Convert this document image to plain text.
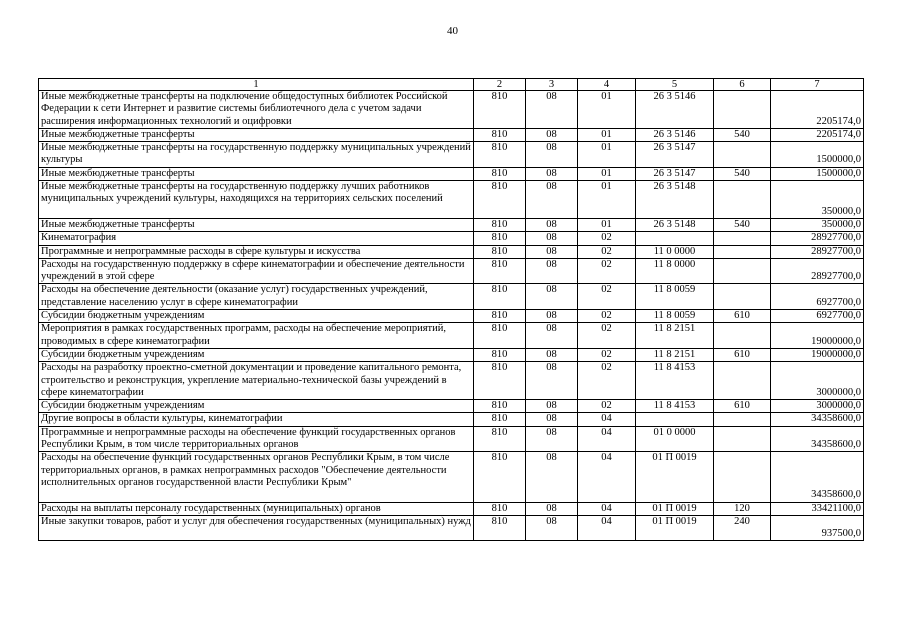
40
1	2	3	4	5	6	7
Иные межбюджетные трансферты на подключение общедоступных библиотек Российской Федерации к сети Интернет и развитие системы библиотечного дела с учетом задачи расширения информационных технологий и оцифровки	810	08	01	26 3 5146		2205174,0
Иные межбюджетные трансферты	810	08	01	26 3 5146	540	2205174,0
Иные межбюджетные трансферты на государственную поддержку муниципальных учреждений культуры	810	08	01	26 3 5147		1500000,0
Иные межбюджетные трансферты	810	08	01	26 3 5147	540	1500000,0
Иные межбюджетные трансферты на государственную поддержку лучших работников муниципальных учреждений культуры, находящихся на территориях сельских поселений	810	08	01	26 3 5148		350000,0
Иные межбюджетные трансферты	810	08	01	26 3 5148	540	350000,0
Кинематография	810	08	02			28927700,0
Программные и непрограммные расходы в сфере культуры и искусства	810	08	02	11 0 0000		28927700,0
Расходы на государственную поддержку в сфере кинематографии и обеспечение деятельности учреждений в этой сфере	810	08	02	11 8 0000		28927700,0
Расходы на обеспечение деятельности (оказание услуг) государственных учреждений, представление населению услуг в сфере кинематографии	810	08	02	11 8 0059		6927700,0
Субсидии бюджетным учреждениям	810	08	02	11 8 0059	610	6927700,0
Мероприятия в рамках государственных программ, расходы на обеспечение мероприятий, проводимых в сфере кинематографии	810	08	02	11 8 2151		19000000,0
Субсидии бюджетным учреждениям	810	08	02	11 8 2151	610	19000000,0
Расходы на разработку проектно-сметной документации и проведение капитального ремонта, строительство и реконструкция, укрепление материально-технической базы учреждений в сфере кинематографии	810	08	02	11 8 4153		3000000,0
Субсидии бюджетным учреждениям	810	08	02	11 8 4153	610	3000000,0
Другие вопросы в области культуры, кинематографии	810	08	04			34358600,0
Программные и непрограммные расходы на обеспечение функций государственных органов Республики Крым, в том числе территориальных органов	810	08	04	01 0 0000		34358600,0
Расходы на обеспечение функций государственных органов Республики Крым, в том числе территориальных органов, в рамках непрограммных расходов "Обеспечение деятельности исполнительных органов государственной власти Республики Крым"	810	08	04	01 П 0019		34358600,0
Расходы на выплаты персоналу государственных (муниципальных) органов	810	08	04	01 П 0019	120	33421100,0
Иные закупки товаров, работ и услуг для обеспечения государственных (муниципальных) нужд	810	08	04	01 П 0019	240	937500,0
